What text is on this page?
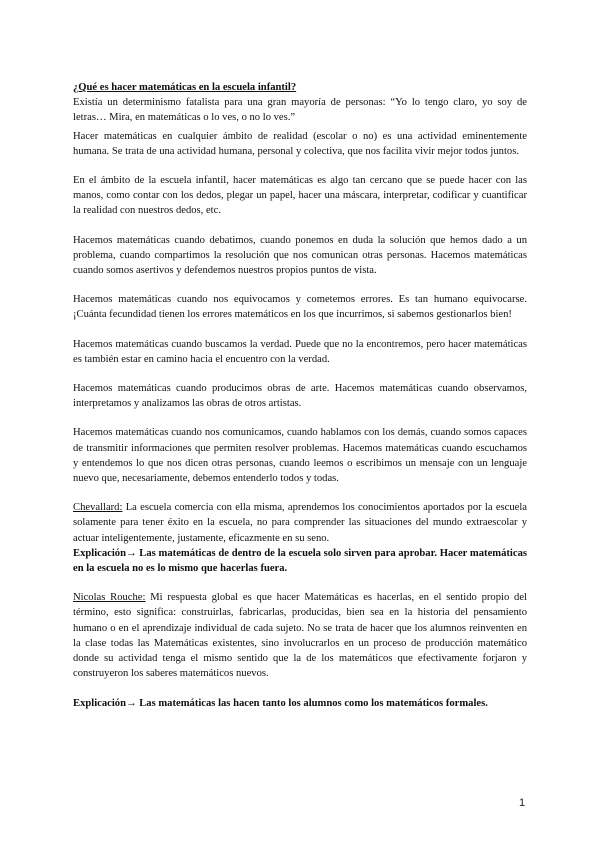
¿Qué es hacer matemáticas en la escuela infantil?
Existía un determinismo fatalista para una gran mayoría de personas: “Yo lo tengo claro, yo soy de letras… Mira, en matemáticas o lo ves, o no lo ves.”

Hacer matemáticas en cualquier ámbito de realidad (escolar o no) es una actividad eminentemente humana. Se trata de una actividad humana, personal y colectiva, que nos facilita vivir mejor todos juntos.

En el ámbito de la escuela infantil, hacer matemáticas es algo tan cercano que se puede hacer con las manos, como contar con los dedos, plegar un papel, hacer una máscara, interpretar, codificar y cuantificar la realidad con nuestros dedos, etc.

Hacemos matemáticas cuando debatimos, cuando ponemos en duda la solución que hemos dado a un problema, cuando compartimos la resolución que nos comunican otras personas. Hacemos matemáticas cuando somos asertivos y defendemos nuestros propios puntos de vista.

Hacemos matemáticas cuando nos equivocamos y cometemos errores. Es tan humano equivocarse. ¡Cuánta fecundidad tienen los errores matemáticos en los que incurrimos, si sabemos gestionarlos bien!

Hacemos matemáticas cuando buscamos la verdad. Puede que no la encontremos, pero hacer matemáticas es también estar en camino hacia el encuentro con la verdad.

Hacemos matemáticas cuando producimos obras de arte. Hacemos matemáticas cuando observamos, interpretamos y analizamos las obras de otros artistas.

Hacemos matemáticas cuando nos comunicamos, cuando hablamos con los demás, cuando somos capaces de transmitir informaciones que permiten resolver problemas. Hacemos matemáticas cuando escuchamos y entendemos lo que nos dicen otras personas, cuando leemos o escribimos un mensaje con un lenguaje nuevo que, necesariamente, debemos entenderlo todos y todas.

Chevallard: La escuela comercia con ella misma, aprendemos los conocimientos aportados por la escuela solamente para tener éxito en la escuela, no para comprender las situaciones del mundo extraescolar y actuar inteligentemente, justamente, eficazmente en su seno.
Explicación→ Las matemáticas de dentro de la escuela solo sirven para aprobar. Hacer matemáticas en la escuela no es lo mismo que hacerlas fuera.

Nicolas Rouche: Mi respuesta global es que hacer Matemáticas es hacerlas, en el sentido propio del término, esto significa: construirlas, fabricarlas, producidas, bien sea en la historia del pensamiento humano o en el aprendizaje individual de cada sujeto. No se trata de hacer que los alumnos reinventen en la clase todas las Matemáticas existentes, sino involucrarlos en un proceso de producción matemático donde su actividad tenga el mismo sentido que la de los matemáticos que efectivamente forjaron y construyeron los saberes matemáticos nuevos.

Explicación→ Las matemáticas las hacen tanto los alumnos como los matemáticos formales.

1
